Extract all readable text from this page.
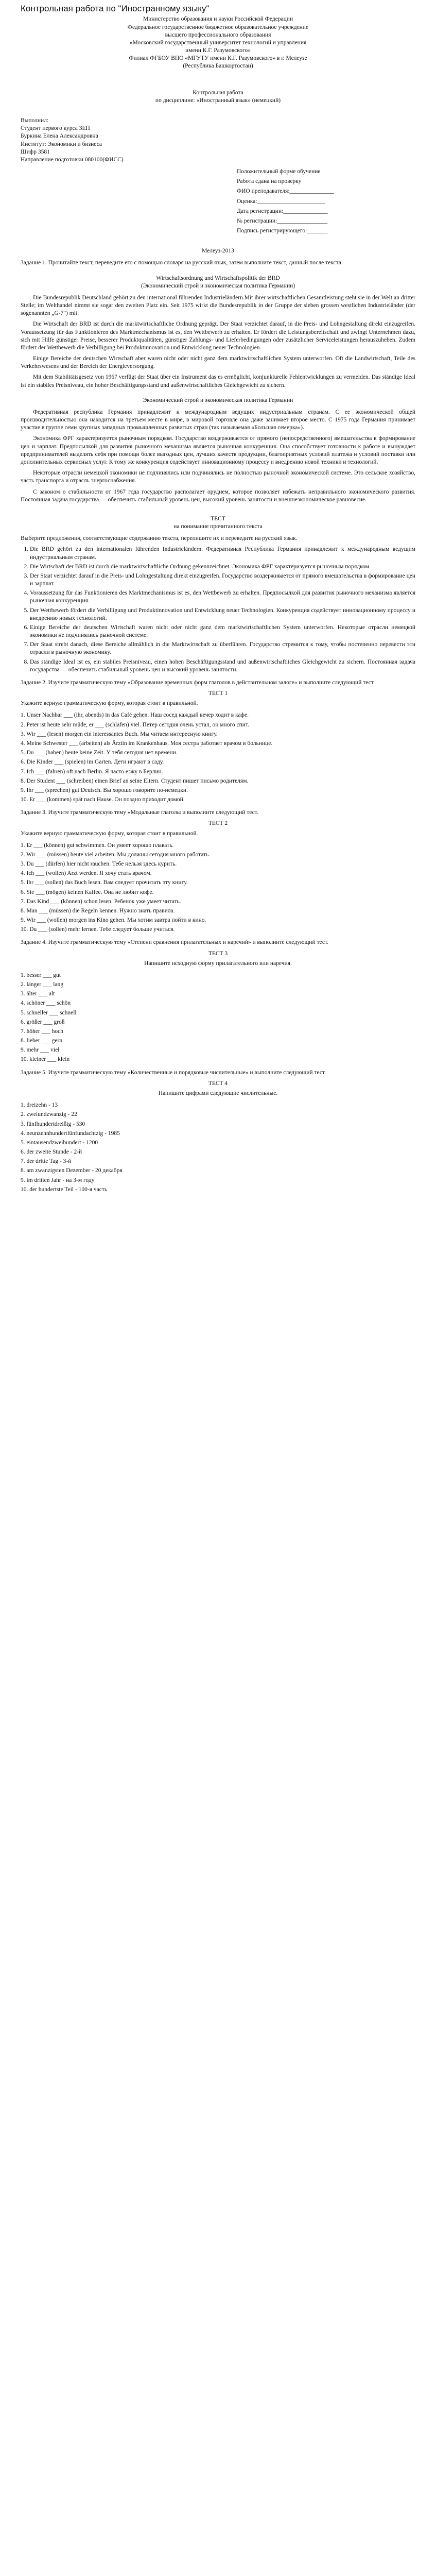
Контрольная работа по "Иностранному языку"
Министерство образования и науки Российской Федерации
Федеральное государственное бюджетное образовательное учреждение
высшего профессионального образования
«Московский государственный университет технологий и управления
имени К.Г. Разумовского»
Филиал ФГБОУ ВПО «МГУТУ имени К.Г. Разумовского» в г. Мелеузе
(Республика Башкортостан)
Контрольная работа
по дисциплине: «Иностранный язык» (немецкий)
Выполнил:
Студент первого курса ЗЕП
Буркина Елена Александровна
Институт: Экономики и бизнеса
Шифр 3581
Направление подготовки 080100(ФИСС)
Положительный форме обучение
Работа сдана на проверку
ФИО преподавателя:_______________
Оценка:_______________________
Дата регистрации:_______________
№ регистрации:_________________
Подпись регистрирующего:_______
Мелеуз-2013

Задание 1. Прочитайте текст, переведите его с помощью словаря на русский язык, затем выполните текст, данный после текста.

Wirtschaftsordnung und Wirtschaftspolitik der BRD
(Экономический строй и экономическая политика Германии)

Die Bundesrepublik Deutschland gehört zu den international führenden Industrieländern.Mit ihrer wirtschaftlichen Gesamtleistung steht sie in der Welt an dritter Stelle; im Welthandel nimmt sie sogar den zweiten Platz ein. Seit 1975 wirkt die Bundesrepublik in der Gruppe der sieben grossen westlichen Industrieländer (der sogenannten „G-7") mit.

Die Wirtschaft der BRD ist durch die marktwirtschaftliche Ordnung geprägt. Der Staat verzichtet darauf, in die Preis- und Lohngestaltung direkt einzugreifen. Voraussetzung für das Funktionieren des Marktmechanismus ist es, den Wettbewerb zu erhalten. Er fördert die Leistungsbereitschaft und zwingt Unternehmen dazu, sich mit Hilfe günstiger Preise, besserer Produktqualitäten, günstiger Zahlungs- und Lieferbedingungen oder zusätzlicher Serviceleistungen herauszuheben. Zudem fördert der Wettbewerb die Verbilligung bei Produktinnovation und Entwicklung neuer Technologien.

Einige Bereiche der deutschen Wirtschaft aber waren nicht oder nicht ganz dem marktwirtschaftlichen System unterworfen. Oft die Landwirtschaft, Teile des Verkehrswesens und der Bereich der Energieversorgung.

Mit dem Stabilitätsgesetz von 1967 verfügt der Staat über ein Instrument das es ermöglicht, konjunkturelle Fehlentwicklungen zu vermeiden. Das ständige Ideal ist ein stabiles Preisniveau, ein hoher Beschäftigungsstand und außenwirtschaftliches Gleichgewicht zu sichern.

Экономический строй и экономическая политика Германии

Федеративная республика Германия принадлежит к международным ведущих индустриальным странам. С ее экономической общей производительностью она находится на третьем месте в мире, в мировой торговле она даже занимает второе место. С 1975 года Германия принимает участие в группе семи крупных западных промышленных развитых стран (так называемая «Большая семерка»).

Экономика ФРГ характеризуется рыночным порядком. Государство воздерживается от прямого (непосредственного) вмешательства в формирование цен и зарплат. Предпосылкой для развития рыночного механизма является рыночная конкуренция. Она способствует готовности к работе и вынуждает предпринимателей выделять себя при помощи более выгодных цен, лучших качеств продукции, благоприятных условий платежа и условий поставки или дополнительных сервисных услуг. К тому же конкуренция содействует инновационному процессу и внедрению новой техники и технологий.

Некоторые отрасли немецкой экономики не подчинялись или подчинялись не полностью рыночной экономической системе. Это сельское хозяйство, часть транспорта и отрасль энергоснабжения.

С законом о стабильности от 1967 года государство располагает орудием, которое позволяет избежать неправильного экономического развития. Постоянная задача государства — обеспечить стабильный уровень цен, высокий уровень занятости и внешнеэкономическое равновесие.

ТЕСТ
на понимание прочитанного текста

Выберите предложения, соответствующие содержанию текста, перепишите их и переведите на русский язык.

1. Die BRD gehört zu den internationalen führenden Industrieländern. Федеративная Республика Германия принадлежит к международным ведущим индустриальным странам.
2. Die Wirtschaft der BRD ist durch die marktwirtschaftliche Ordnung gekennzeichnet. Экономика ФРГ характеризуется рыночным порядком.
3. Der Staat verzichtet darauf in die Preis- und Lohngestaltung direkt einzugreifen. Государство воздерживается от прямого вмешательства в формирование цен и зарплат.
4. Voraussetzung für das Funktionieren des Marktmechanismus ist es, den Wettbewerb zu erhalten. Предпосылкой для развития рыночного механизма является рыночная конкуренция.
5. Der Wettbewerb fördert die Verbilligung und Produktinnovation und Entwicklung neuer Technologien. Конкуренция содействует инновационному процессу и внедрению новых технологий.
6. Einige Bereiche der deutschen Wirtschaft waren nicht oder nicht ganz dem marktwirtschaftlichen System unterworfen. Некоторые отрасли немецкой экономики не подчинялись рыночной системе.
7. Der Staat strebt danach, diese Bereiche allmählich in die Marktwirtschaft zu überführen. Государство стремится к тому, чтобы постепенно перевести эти отрасли в рыночную экономику.
8. Das ständige Ideal ist es, ein stabiles Preisniveau, einen hohen Beschäftigungsstand und außenwirtschaftliches Gleichgewicht zu sichern. Постоянная задача государства — обеспечить стабильный уровень цен и высокий уровень занятости.

Задание 2. Изучите грамматическую тему «Образование временных форм глаголов в действительном залоге» и выполните следующий тест.

ТЕСТ 1
Укажите верную грамматическую форму, которая стоит в правильной.
1. Unser Nachbar ___ (ihr, abends) in das Café gehen. Наш сосед каждый вечер ходит в кафе.
2. Peter ist heute sehr müde, er ___ (schlafen) viel. Петер сегодня очень устал, он много спит.
3. Wir ___ (lesen) morgen ein interessantes Buch. Мы читаем интересную книгу.
4. Meine Schwester ___ (arbeiten) als Ärztin im Krankenhaus. Моя сестра работает врачом в больнице.
5. Du ___ (haben) heute keine Zeit. У тебя сегодня нет времени.
6. Die Kinder ___ (spielen) im Garten. Дети играют в саду.
7. Ich ___ (fahren) oft nach Berlin. Я часто езжу в Берлин.
8. Der Student ___ (schreiben) einen Brief an seine Eltern. Студент пишет письмо родителям.
9. Ihr ___ (sprechen) gut Deutsch. Вы хорошо говорите по-немецки.
10. Er ___ (kommen) spät nach Hause. Он поздно приходит домой.

Задание 3. Изучите грамматическую тему «Модальные глаголы и выполните следующий тест.

ТЕСТ 2
Укажите верную грамматическую форму, которая стоит в правильной.
1. Er ___ (können) gut schwimmen. Он умеет хорошо плавать.
2. Wir ___ (müssen) heute viel arbeiten. Мы должны сегодня много работать.
3. Du ___ (dürfen) hier nicht rauchen. Тебе нельзя здесь курить.
4. Ich ___ (wollen) Arzt werden. Я хочу стать врачом.
5. Ihr ___ (sollen) das Buch lesen. Вам следует прочитать эту книгу.
6. Sie ___ (mögen) keinen Kaffee. Она не любит кофе.
7. Das Kind ___ (können) schon lesen. Ребенок уже умеет читать.
8. Man ___ (müssen) die Regeln kennen. Нужно знать правила.
9. Wir ___ (wollen) morgen ins Kino gehen. Мы хотим завтра пойти в кино.
10. Du ___ (sollen) mehr lernen. Тебе следует больше учиться.

Задание 4. Изучите грамматическую тему «Степени сравнения прилагательных и наречий» и выполните следующий тест.

ТЕСТ 3
Напишите исходную форму прилагательного или наречия.
1. besser ___ gut
2. länger ___ lang
3. älter ___ alt
4. schöner ___ schön
5. schneller ___ schnell
6. größer ___ groß
7. höher ___ hoch
8. lieber ___ gern
9. mehr ___ viel
10. kleiner ___ klein

Задание 5. Изучите грамматическую тему «Количественные и порядковые числительные» и выполните следующий тест.

ТЕСТ 4
Напишите цифрами следующие числительные.
1. dreizehn - 13
2. zweiundzwanzig - 22
3. fünfhundertdreißig - 530
4. neunzehnhundertfünfundachtzig - 1985
5. eintausendzweihundert - 1200
6. der zweite Stunde - 2-й
7. der dritte Tag - 3-й
8. am zwanzigsten Dezember - 20 декабря
9. im dritten Jahr - на 3-м году
10. der hundertste Teil - 100-я часть
